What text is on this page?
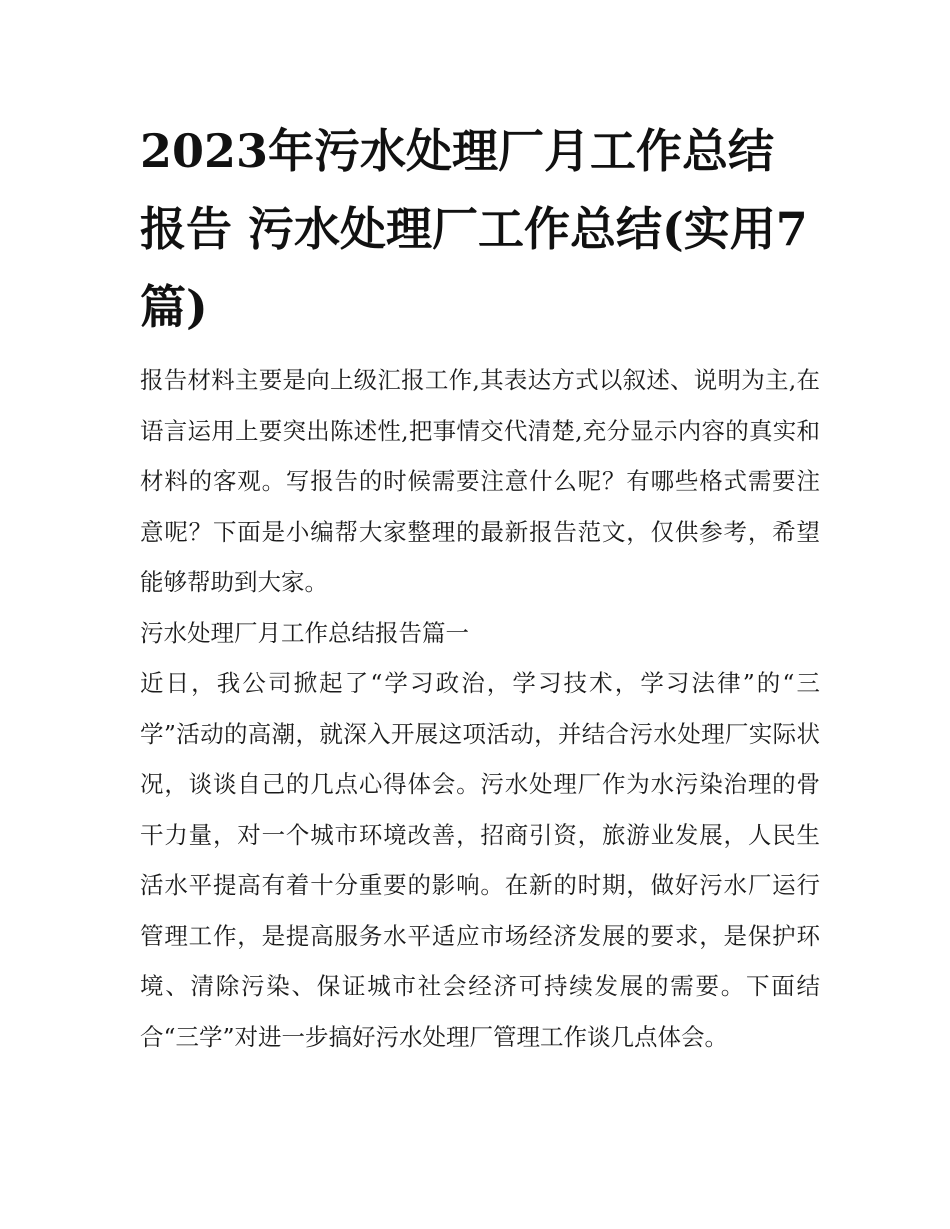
2023年污水处理厂月工作总结报告 污水处理厂工作总结(实用7篇)

报告材料主要是向上级汇报工作,其表达方式以叙述、说明为主,在语言运用上要突出陈述性,把事情交代清楚,充分显示内容的真实和材料的客观。写报告的时候需要注意什么呢？有哪些格式需要注意呢？下面是小编帮大家整理的最新报告范文，仅供参考，希望能够帮助到大家。

污水处理厂月工作总结报告篇一

近日，我公司掀起了“学习政治，学习技术，学习法律”的“三学”活动的高潮，就深入开展这项活动，并结合污水处理厂实际状况，谈谈自己的几点心得体会。污水处理厂作为水污染治理的骨干力量，对一个城市环境改善，招商引资，旅游业发展，人民生活水平提高有着十分重要的影响。在新的时期，做好污水厂运行管理工作，是提高服务水平适应市场经济发展的要求，是保护环境、清除污染、保证城市社会经济可持续发展的需要。下面结合“三学”对进一步搞好污水处理厂管理工作谈几点体会。
